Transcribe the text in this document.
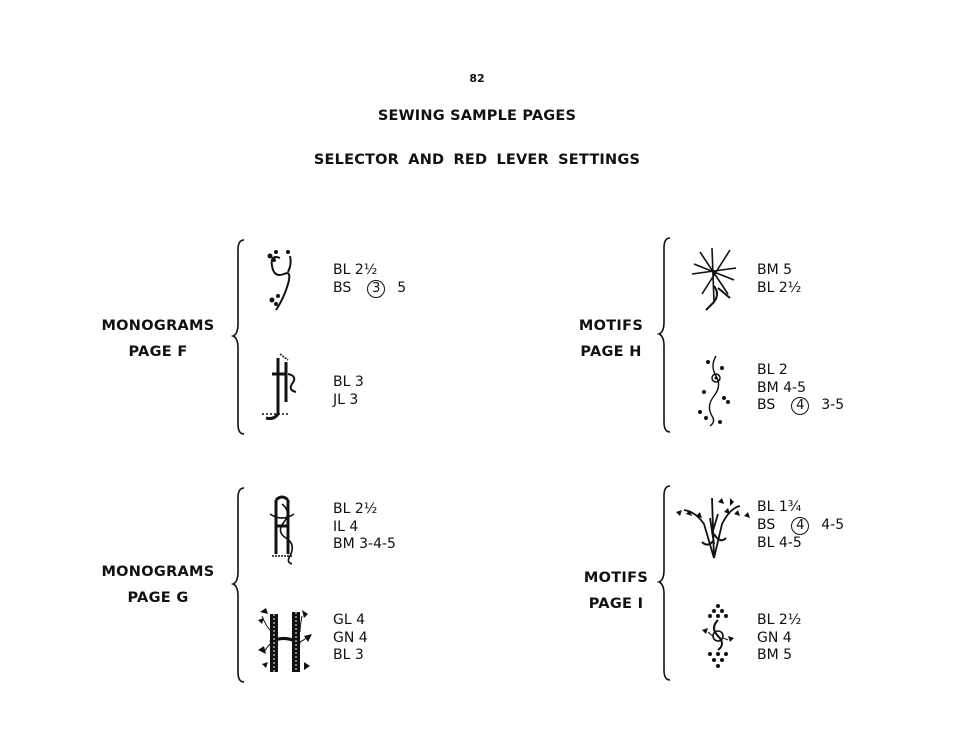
82
SEWING SAMPLE PAGES
SELECTOR AND RED LEVER SETTINGS
MONOGRAMS
PAGE F
BL 2½
BS	3	5
BL 3
JL 3
MOTIFS
PAGE H
BM 5
BL 2½
BL 2
BM 4-5
BS	4	3-5
MONOGRAMS
PAGE G
BL 2½
IL 4
BM 3-4-5
GL 4
GN 4
BL 3
MOTIFS
PAGE I
BL 1¾
BS	4	4-5
BL 4-5
BL 2½
GN 4
BM 5
